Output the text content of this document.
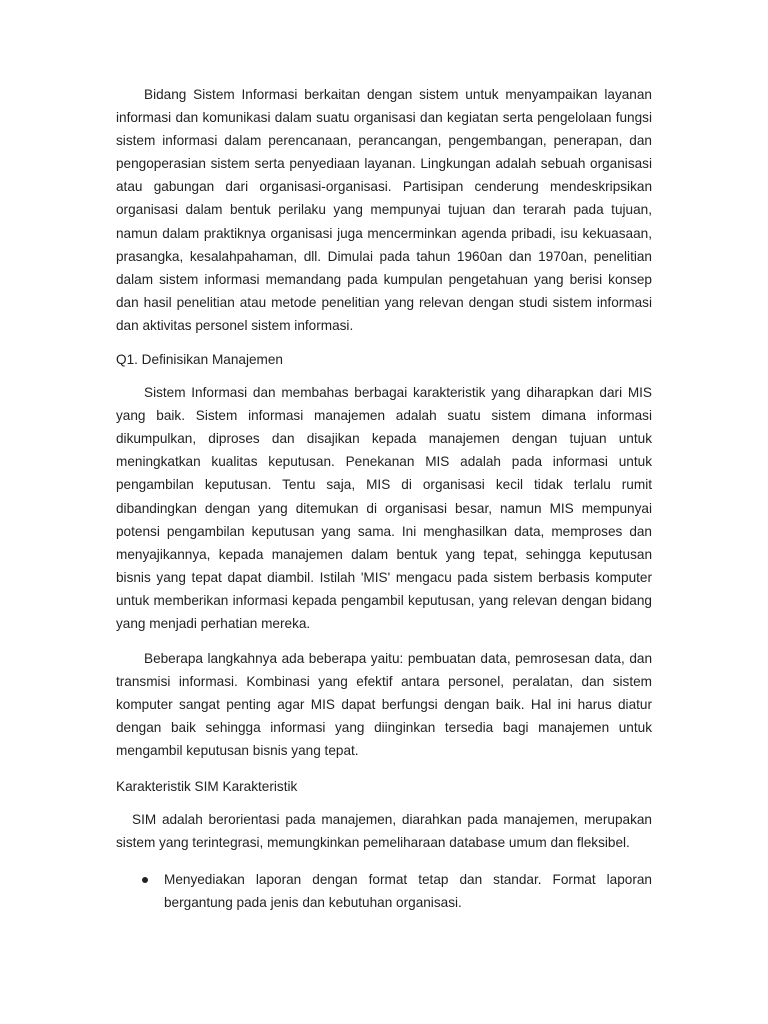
Bidang Sistem Informasi berkaitan dengan sistem untuk menyampaikan layanan informasi dan komunikasi dalam suatu organisasi dan kegiatan serta pengelolaan fungsi sistem informasi dalam perencanaan, perancangan, pengembangan, penerapan, dan pengoperasian sistem serta penyediaan layanan. Lingkungan adalah sebuah organisasi atau gabungan dari organisasi-organisasi. Partisipan cenderung mendeskripsikan organisasi dalam bentuk perilaku yang mempunyai tujuan dan terarah pada tujuan, namun dalam praktiknya organisasi juga mencerminkan agenda pribadi, isu kekuasaan, prasangka, kesalahpahaman, dll. Dimulai pada tahun 1960an dan 1970an, penelitian dalam sistem informasi memandang pada kumpulan pengetahuan yang berisi konsep dan hasil penelitian atau metode penelitian yang relevan dengan studi sistem informasi dan aktivitas personel sistem informasi.

Q1. Definisikan Manajemen

Sistem Informasi dan membahas berbagai karakteristik yang diharapkan dari MIS yang baik. Sistem informasi manajemen adalah suatu sistem dimana informasi dikumpulkan, diproses dan disajikan kepada manajemen dengan tujuan untuk meningkatkan kualitas keputusan. Penekanan MIS adalah pada informasi untuk pengambilan keputusan. Tentu saja, MIS di organisasi kecil tidak terlalu rumit dibandingkan dengan yang ditemukan di organisasi besar, namun MIS mempunyai potensi pengambilan keputusan yang sama. Ini menghasilkan data, memproses dan menyajikannya, kepada manajemen dalam bentuk yang tepat, sehingga keputusan bisnis yang tepat dapat diambil. Istilah 'MIS' mengacu pada sistem berbasis komputer untuk memberikan informasi kepada pengambil keputusan, yang relevan dengan bidang yang menjadi perhatian mereka.

Beberapa langkahnya ada beberapa yaitu: pembuatan data, pemrosesan data, dan transmisi informasi. Kombinasi yang efektif antara personel, peralatan, dan sistem komputer sangat penting agar MIS dapat berfungsi dengan baik. Hal ini harus diatur dengan baik sehingga informasi yang diinginkan tersedia bagi manajemen untuk mengambil keputusan bisnis yang tepat.

Karakteristik SIM Karakteristik

SIM adalah berorientasi pada manajemen, diarahkan pada manajemen, merupakan sistem yang terintegrasi, memungkinkan pemeliharaan database umum dan fleksibel.

Menyediakan laporan dengan format tetap dan standar. Format laporan bergantung pada jenis dan kebutuhan organisasi.
